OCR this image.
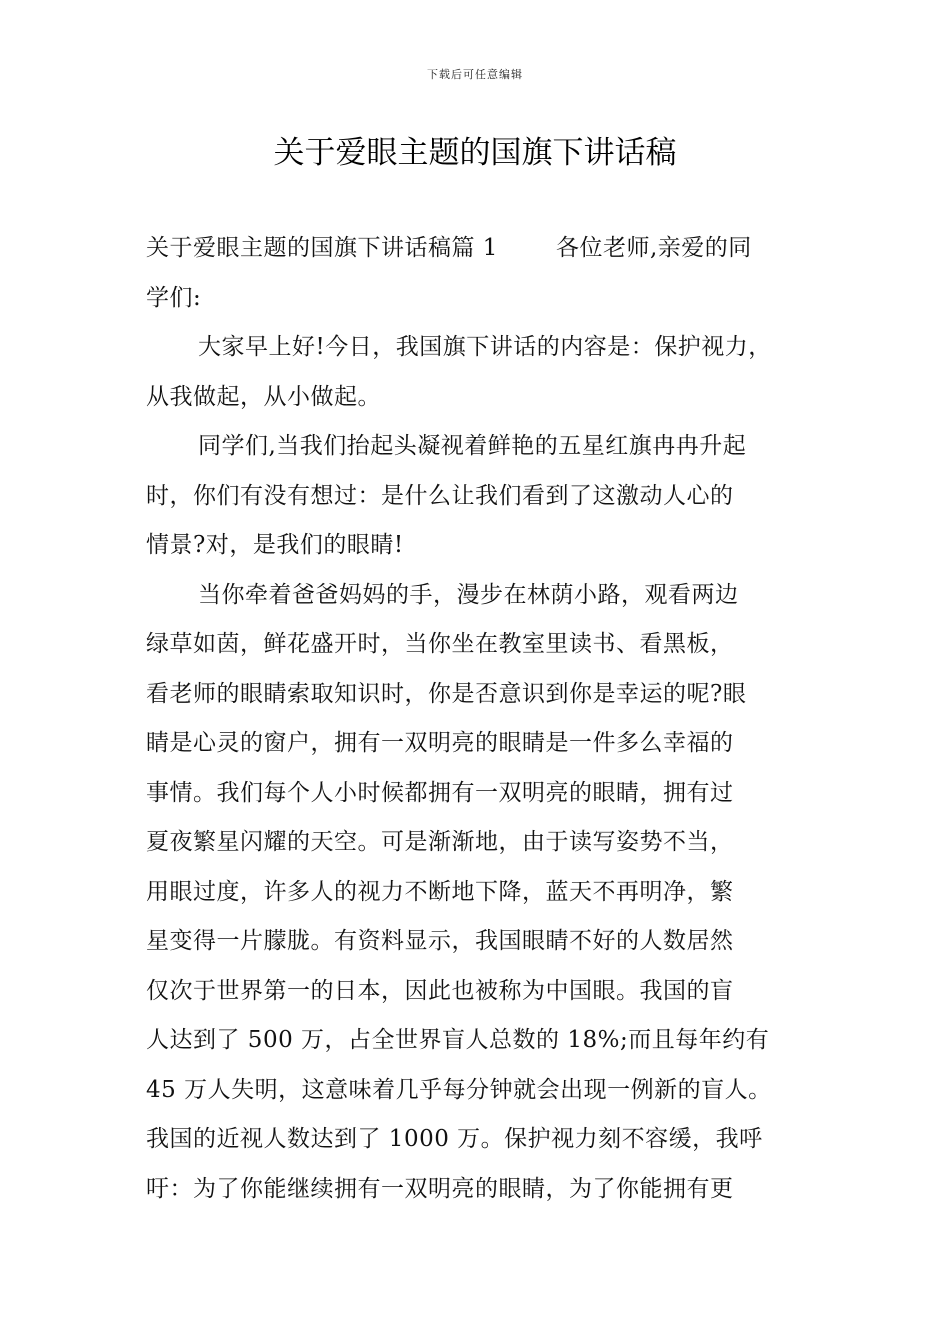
下载后可任意编辑
关于爱眼主题的国旗下讲话稿
关于爱眼主题的国旗下讲话稿篇 1	各位老师,亲爱的同
学们:
大家早上好!今日，我国旗下讲话的内容是：保护视力，
从我做起，从小做起。
同学们,当我们抬起头凝视着鲜艳的五星红旗冉冉升起
时，你们有没有想过：是什么让我们看到了这激动人心的
情景?对，是我们的眼睛!
当你牵着爸爸妈妈的手，漫步在林荫小路，观看两边
绿草如茵，鲜花盛开时，当你坐在教室里读书、看黑板，
看老师的眼睛索取知识时，你是否意识到你是幸运的呢?眼
睛是心灵的窗户，拥有一双明亮的眼睛是一件多么幸福的
事情。我们每个人小时候都拥有一双明亮的眼睛，拥有过
夏夜繁星闪耀的天空。可是渐渐地，由于读写姿势不当，
用眼过度，许多人的视力不断地下降，蓝天不再明净，繁
星变得一片朦胧。有资料显示，我国眼睛不好的人数居然
仅次于世界第一的日本，因此也被称为中国眼。我国的盲
人达到了 500 万，占全世界盲人总数的 18%;而且每年约有
45 万人失明，这意味着几乎每分钟就会出现一例新的盲人。
我国的近视人数达到了 1000 万。保护视力刻不容缓，我呼
吁：为了你能继续拥有一双明亮的眼睛，为了你能拥有更
